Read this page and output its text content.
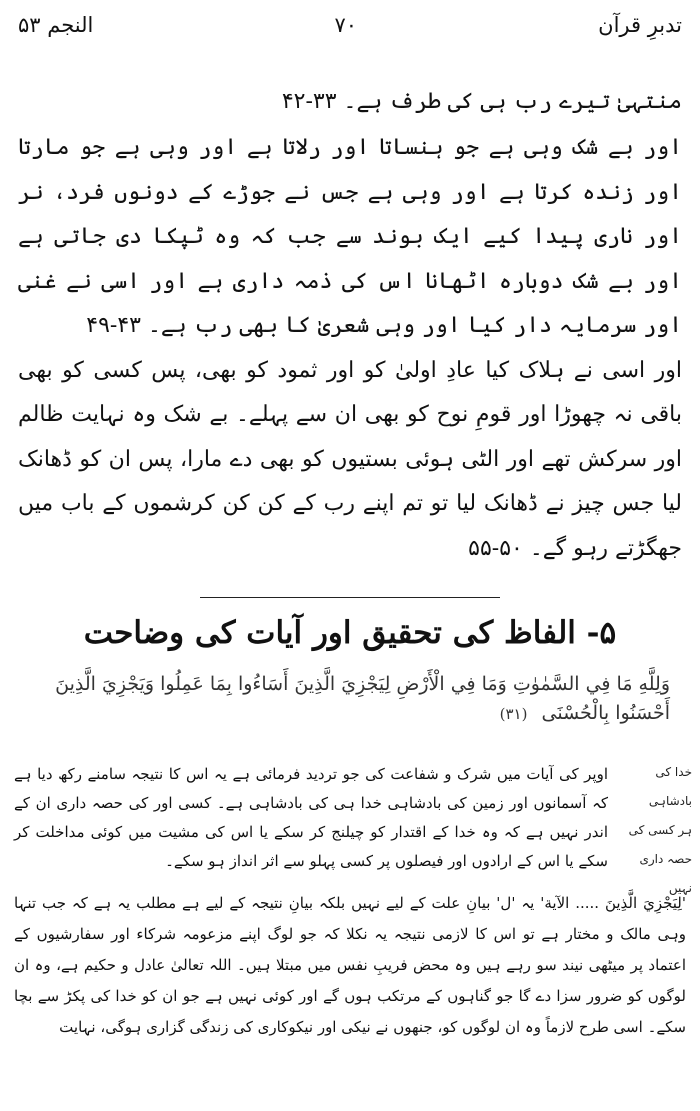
تدبرِ قرآن
۷۰
النجم ۵۳

منتہیٰ تیرے رب ہی کی طرف ہے۔ ۳۳-۴۲

اور بے شک وہی ہے جو ہنساتا اور رلاتا ہے اور وہی ہے جو مارتا اور زندہ کرتا ہے اور وہی ہے جس نے جوڑے کے دونوں فرد، نر اور ناری پیدا کیے ایک بوند سے جب کہ وہ ٹپکا دی جاتی ہے اور بے شک دوبارہ اٹھانا اس کی ذمہ داری ہے اور اسی نے غنی اور سرمایہ دار کیا اور وہی شعریٰ کا بھی رب ہے۔ ۴۳-۴۹

اور اسی نے ہلاک کیا عادِ اولیٰ کو اور ثمود کو بھی، پس کسی کو بھی باقی نہ چھوڑا اور قومِ نوح کو بھی ان سے پہلے۔ بے شک وہ نہایت ظالم اور سرکش تھے اور الٹی ہوئی بستیوں کو بھی دے مارا، پس ان کو ڈھانک لیا جس چیز نے ڈھانک لیا تو تم اپنے رب کے کن کن کرشموں کے باب میں جھگڑتے رہو گے۔ ۵۰-۵۵

۵- الفاظ کی تحقیق اور آیات کی وضاحت
وَلِلَّهِ مَا فِي السَّمٰوٰتِ وَمَا فِي الْأَرْضِ لِيَجْزِيَ الَّذِينَ أَسَاءُوا بِمَا عَمِلُوا وَيَجْزِيَ الَّذِينَ أَحْسَنُوا بِالْحُسْنَى (۳۱)
خدا کی بادشاہی
ہر کسی کی
حصہ داری
نہیں

اوپر کی آیات میں شرک و شفاعت کی جو تردید فرمائی ہے یہ اس کا نتیجہ سامنے رکھ دیا ہے کہ آسمانوں اور زمین کی بادشاہی خدا ہی کی بادشاہی ہے۔ کسی اور کی حصہ داری ان کے اندر نہیں ہے کہ وہ خدا کے اقتدار کو چیلنج کر سکے یا اس کی مشیت میں کوئی مداخلت کر سکے یا اس کے ارادوں اور فیصلوں پر کسی پہلو سے اثر انداز ہو سکے۔

'لِيَجْزِيَ الَّذِينَ ..... الآية' یہ 'ل' بیانِ علت کے لیے نہیں بلکہ بیانِ نتیجہ کے لیے ہے مطلب یہ ہے کہ جب تنہا وہی مالک و مختار ہے تو اس کا لازمی نتیجہ یہ نکلا کہ جو لوگ اپنے مزعومہ شرکاء اور سفارشیوں کے اعتماد پر میٹھی نیند سو رہے ہیں وہ محض فریبِ نفس میں مبتلا ہیں۔ اللہ تعالیٰ عادل و حکیم ہے، وہ ان لوگوں کو ضرور سزا دے گا جو گناہوں کے مرتکب ہوں گے اور کوئی نہیں ہے جو ان کو خدا کی پکڑ سے بچا سکے۔ اسی طرح لازماً وہ ان لوگوں کو، جنھوں نے نیکی اور نیکوکاری کی زندگی گزاری ہوگی، نہایت
